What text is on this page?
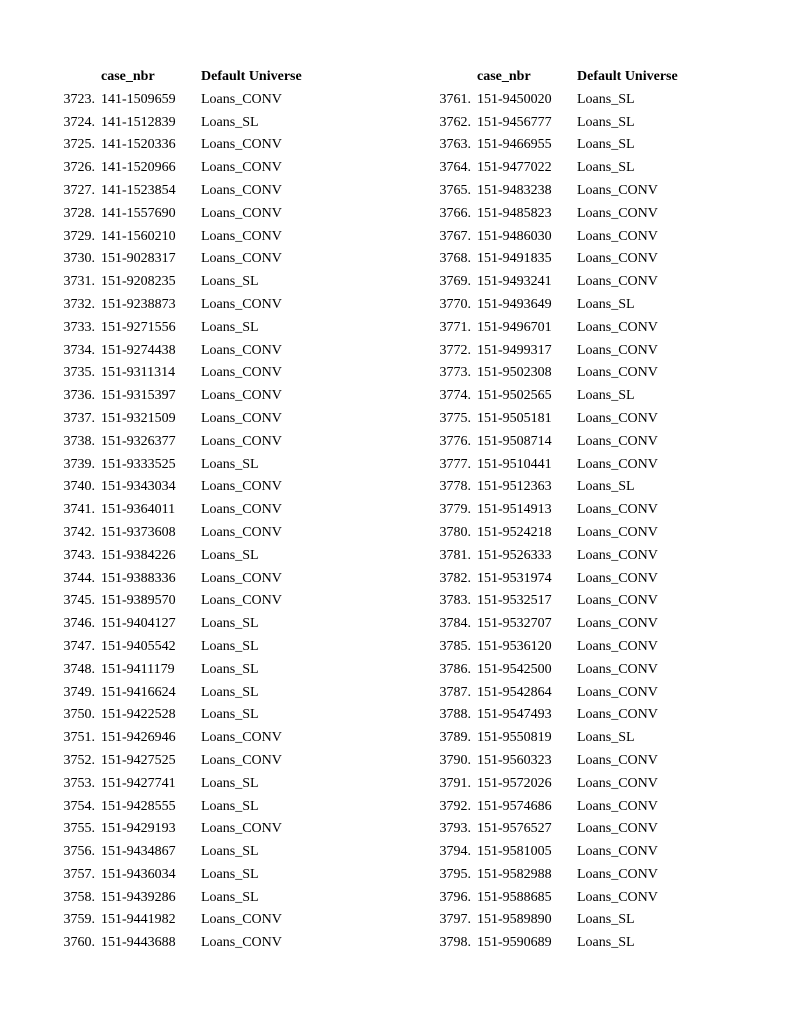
case_nbr	Default Universe
3723. 141-1509659 Loans_CONV
3724. 141-1512839 Loans_SL
3725. 141-1520336 Loans_CONV
3726. 141-1520966 Loans_CONV
3727. 141-1523854 Loans_CONV
3728. 141-1557690 Loans_CONV
3729. 141-1560210 Loans_CONV
3730. 151-9028317 Loans_CONV
3731. 151-9208235 Loans_SL
3732. 151-9238873 Loans_CONV
3733. 151-9271556 Loans_SL
3734. 151-9274438 Loans_CONV
3735. 151-9311314 Loans_CONV
3736. 151-9315397 Loans_CONV
3737. 151-9321509 Loans_CONV
3738. 151-9326377 Loans_CONV
3739. 151-9333525 Loans_SL
3740. 151-9343034 Loans_CONV
3741. 151-9364011 Loans_CONV
3742. 151-9373608 Loans_CONV
3743. 151-9384226 Loans_SL
3744. 151-9388336 Loans_CONV
3745. 151-9389570 Loans_CONV
3746. 151-9404127 Loans_SL
3747. 151-9405542 Loans_SL
3748. 151-9411179 Loans_SL
3749. 151-9416624 Loans_SL
3750. 151-9422528 Loans_SL
3751. 151-9426946 Loans_CONV
3752. 151-9427525 Loans_CONV
3753. 151-9427741 Loans_SL
3754. 151-9428555 Loans_SL
3755. 151-9429193 Loans_CONV
3756. 151-9434867 Loans_SL
3757. 151-9436034 Loans_SL
3758. 151-9439286 Loans_SL
3759. 151-9441982 Loans_CONV
3760. 151-9443688 Loans_CONV
case_nbr	Default Universe
3761. 151-9450020 Loans_SL
3762. 151-9456777 Loans_SL
3763. 151-9466955 Loans_SL
3764. 151-9477022 Loans_SL
3765. 151-9483238 Loans_CONV
3766. 151-9485823 Loans_CONV
3767. 151-9486030 Loans_CONV
3768. 151-9491835 Loans_CONV
3769. 151-9493241 Loans_CONV
3770. 151-9493649 Loans_SL
3771. 151-9496701 Loans_CONV
3772. 151-9499317 Loans_CONV
3773. 151-9502308 Loans_CONV
3774. 151-9502565 Loans_SL
3775. 151-9505181 Loans_CONV
3776. 151-9508714 Loans_CONV
3777. 151-9510441 Loans_CONV
3778. 151-9512363 Loans_SL
3779. 151-9514913 Loans_CONV
3780. 151-9524218 Loans_CONV
3781. 151-9526333 Loans_CONV
3782. 151-9531974 Loans_CONV
3783. 151-9532517 Loans_CONV
3784. 151-9532707 Loans_CONV
3785. 151-9536120 Loans_CONV
3786. 151-9542500 Loans_CONV
3787. 151-9542864 Loans_CONV
3788. 151-9547493 Loans_CONV
3789. 151-9550819 Loans_SL
3790. 151-9560323 Loans_CONV
3791. 151-9572026 Loans_CONV
3792. 151-9574686 Loans_CONV
3793. 151-9576527 Loans_CONV
3794. 151-9581005 Loans_CONV
3795. 151-9582988 Loans_CONV
3796. 151-9588685 Loans_CONV
3797. 151-9589890 Loans_SL
3798. 151-9590689 Loans_SL
